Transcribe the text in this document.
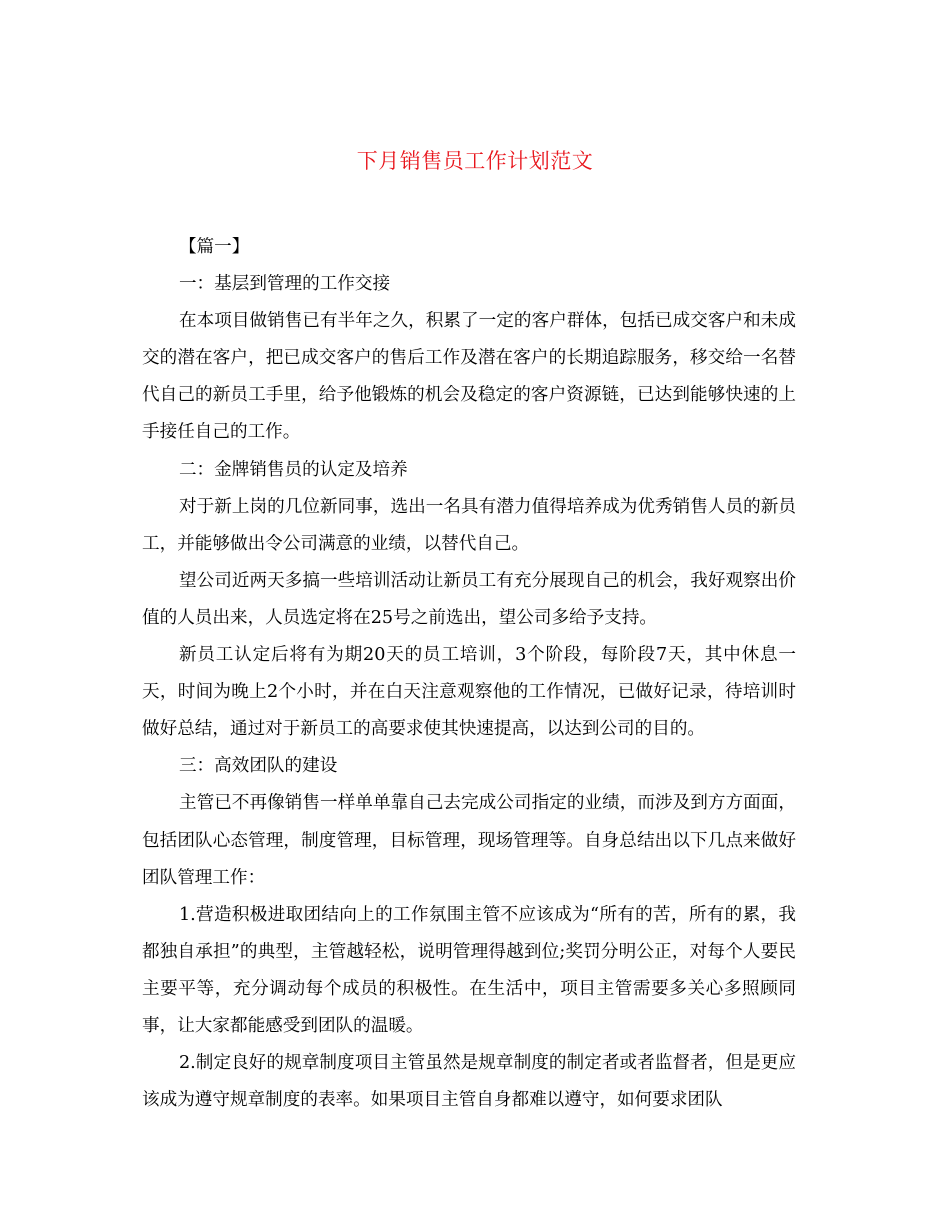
下月销售员工作计划范文

【篇一】

一：基层到管理的工作交接

在本项目做销售已有半年之久，积累了一定的客户群体，包括已成交客户和未成交的潜在客户，把已成交客户的售后工作及潜在客户的长期追踪服务，移交给一名替代自己的新员工手里，给予他锻炼的机会及稳定的客户资源链，已达到能够快速的上手接任自己的工作。

二：金牌销售员的认定及培养

对于新上岗的几位新同事，选出一名具有潜力值得培养成为优秀销售人员的新员工，并能够做出令公司满意的业绩，以替代自己。

望公司近两天多搞一些培训活动让新员工有充分展现自己的机会，我好观察出价值的人员出来，人员选定将在25号之前选出，望公司多给予支持。

新员工认定后将有为期20天的员工培训，3个阶段，每阶段7天，其中休息一天，时间为晚上2个小时，并在白天注意观察他的工作情况，已做好记录，待培训时做好总结，通过对于新员工的高要求使其快速提高，以达到公司的目的。

三：高效团队的建设

主管已不再像销售一样单单靠自己去完成公司指定的业绩，而涉及到方方面面，包括团队心态管理，制度管理，目标管理，现场管理等。自身总结出以下几点来做好团队管理工作：

1.营造积极进取团结向上的工作氛围主管不应该成为“所有的苦，所有的累，我都独自承担”的典型，主管越轻松，说明管理得越到位;奖罚分明公正，对每个人要民主要平等，充分调动每个成员的积极性。在生活中，项目主管需要多关心多照顾同事，让大家都能感受到团队的温暖。

2.制定良好的规章制度项目主管虽然是规章制度的制定者或者监督者，但是更应该成为遵守规章制度的表率。如果项目主管自身都难以遵守，如何要求团队
